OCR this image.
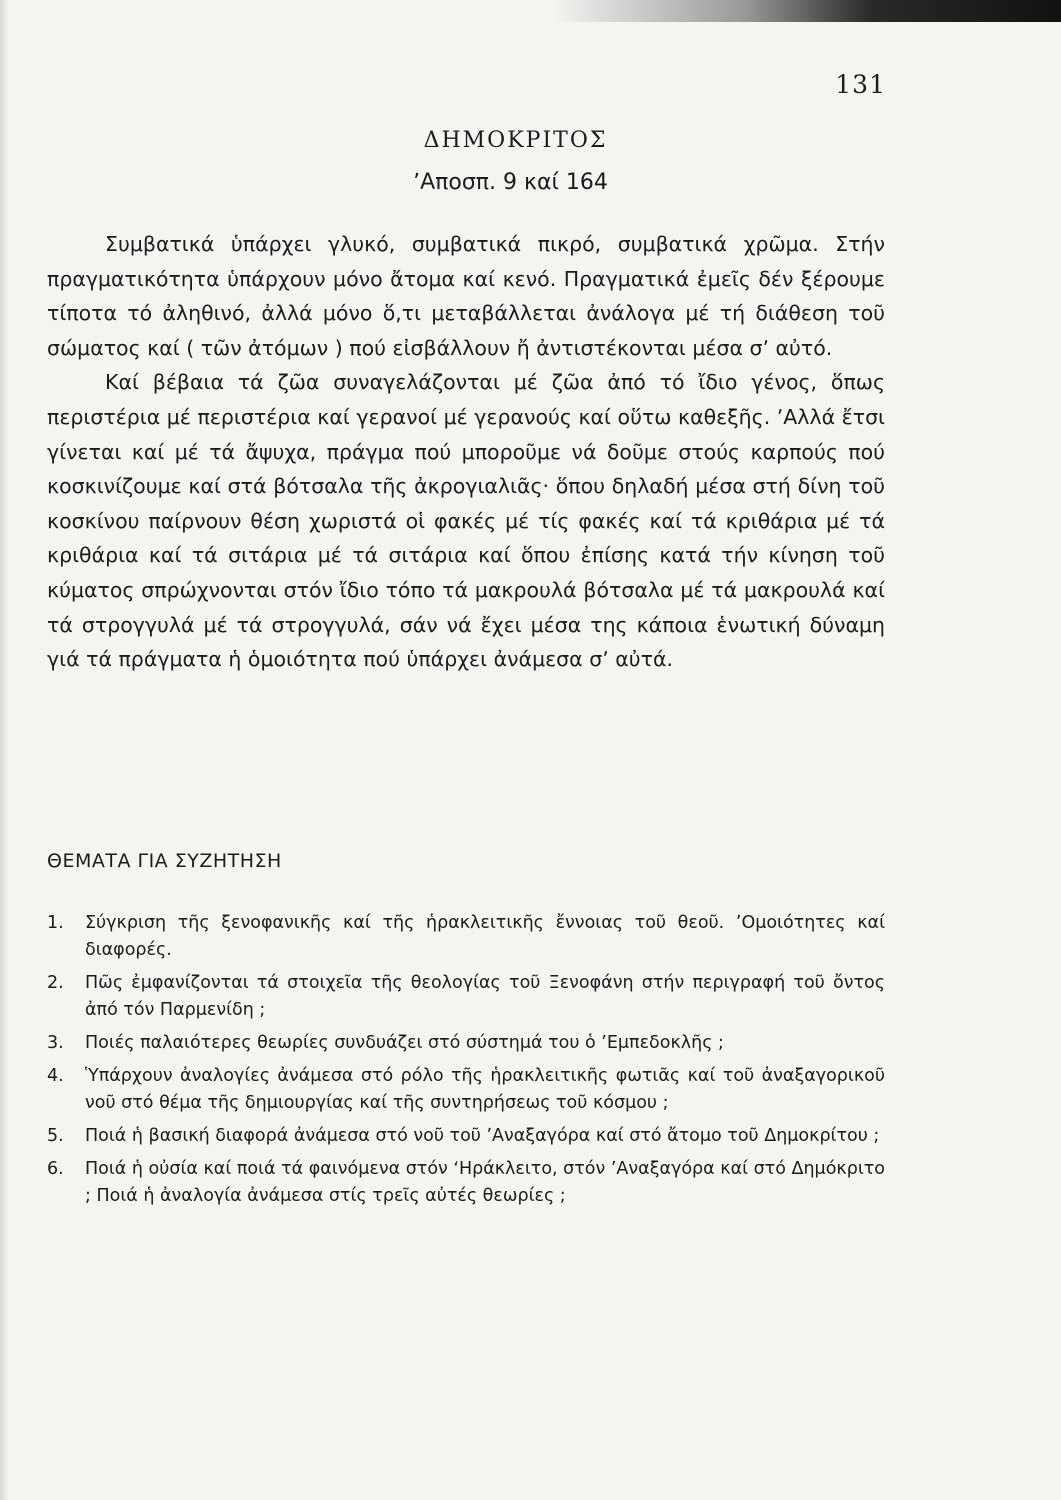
131
ΔΗΜΟΚΡΙΤΟΣ
ʼΑποσπ. 9 καί 164

Συμβατικά ὑπάρχει γλυκό, συμβατικά πικρό, συμβατικά χρῶμα. Στήν πραγματικότητα ὑπάρχουν μόνο ἄτομα καί κενό. Πραγματικά ἐμεῖς δέν ξέρουμε τίποτα τό ἀληθινό, ἀλλά μόνο ὅ,τι μεταβάλλεται ἀνάλογα μέ τή διάθεση τοῦ σώματος καί ( τῶν ἀτόμων ) πού εἰσβάλλουν ἤ ἀντιστέκονται μέσα σʼ αὐτό.

Καί βέβαια τά ζῶα συναγελάζονται μέ ζῶα ἀπό τό ἴδιο γένος, ὅπως περιστέρια μέ περιστέρια καί γερανοί μέ γερανούς καί οὕτω καθεξῆς. ʼΑλλά ἔτσι γίνεται καί μέ τά ἄψυχα, πράγμα πού μποροῦμε νά δοῦμε στούς καρπούς πού κοσκινίζουμε καί στά βότσαλα τῆς ἀκρογιαλιᾶς· ὅπου δηλαδή μέσα στή δίνη τοῦ κοσκίνου παίρνουν θέση χωριστά οἱ φακές μέ τίς φακές καί τά κριθάρια μέ τά κριθάρια καί τά σιτάρια μέ τά σιτάρια καί ὅπου ἐπίσης κατά τήν κίνηση τοῦ κύματος σπρώχνονται στόν ἴδιο τόπο τά μακρουλά βότσαλα μέ τά μακρουλά καί τά στρογγυλά μέ τά στρογγυλά, σάν νά ἔχει μέσα της κάποια ἑνωτική δύναμη γιά τά πράγματα ἡ ὁμοιότητα πού ὑπάρχει ἀνάμεσα σʼ αὐτά.

ΘΕΜΑΤΑ ΓΙΑ ΣΥΖΗΤΗΣΗ
1. Σύγκριση τῆς ξενοφανικῆς καί τῆς ἡρακλειτικῆς ἔννοιας τοῦ θεοῦ. ʼΟμοιότητες καί διαφορές.
2. Πῶς ἐμφανίζονται τά στοιχεῖα τῆς θεολογίας τοῦ Ξενοφάνη στήν περιγραφή τοῦ ὄντος ἀπό τόν Παρμενίδη ;
3. Ποιές παλαιότερες θεωρίες συνδυάζει στό σύστημά του ὁ ʼΕμπεδοκλῆς ;
4. Ὑπάρχουν ἀναλογίες ἀνάμεσα στό ρόλο τῆς ἡρακλειτικῆς φωτιᾶς καί τοῦ ἀναξαγορικοῦ νοῦ στό θέμα τῆς δημιουργίας καί τῆς συντηρήσεως τοῦ κόσμου ;
5. Ποιά ἡ βασική διαφορά ἀνάμεσα στό νοῦ τοῦ ʼΑναξαγόρα καί στό ἄτομο τοῦ Δημοκρίτου ;
6. Ποιά ἡ οὐσία καί ποιά τά φαινόμενα στόν ʻΗράκλειτο, στόν ʼΑναξαγόρα καί στό Δημόκριτο ; Ποιά ἡ ἀναλογία ἀνάμεσα στίς τρεῖς αὐτές θεωρίες ;
